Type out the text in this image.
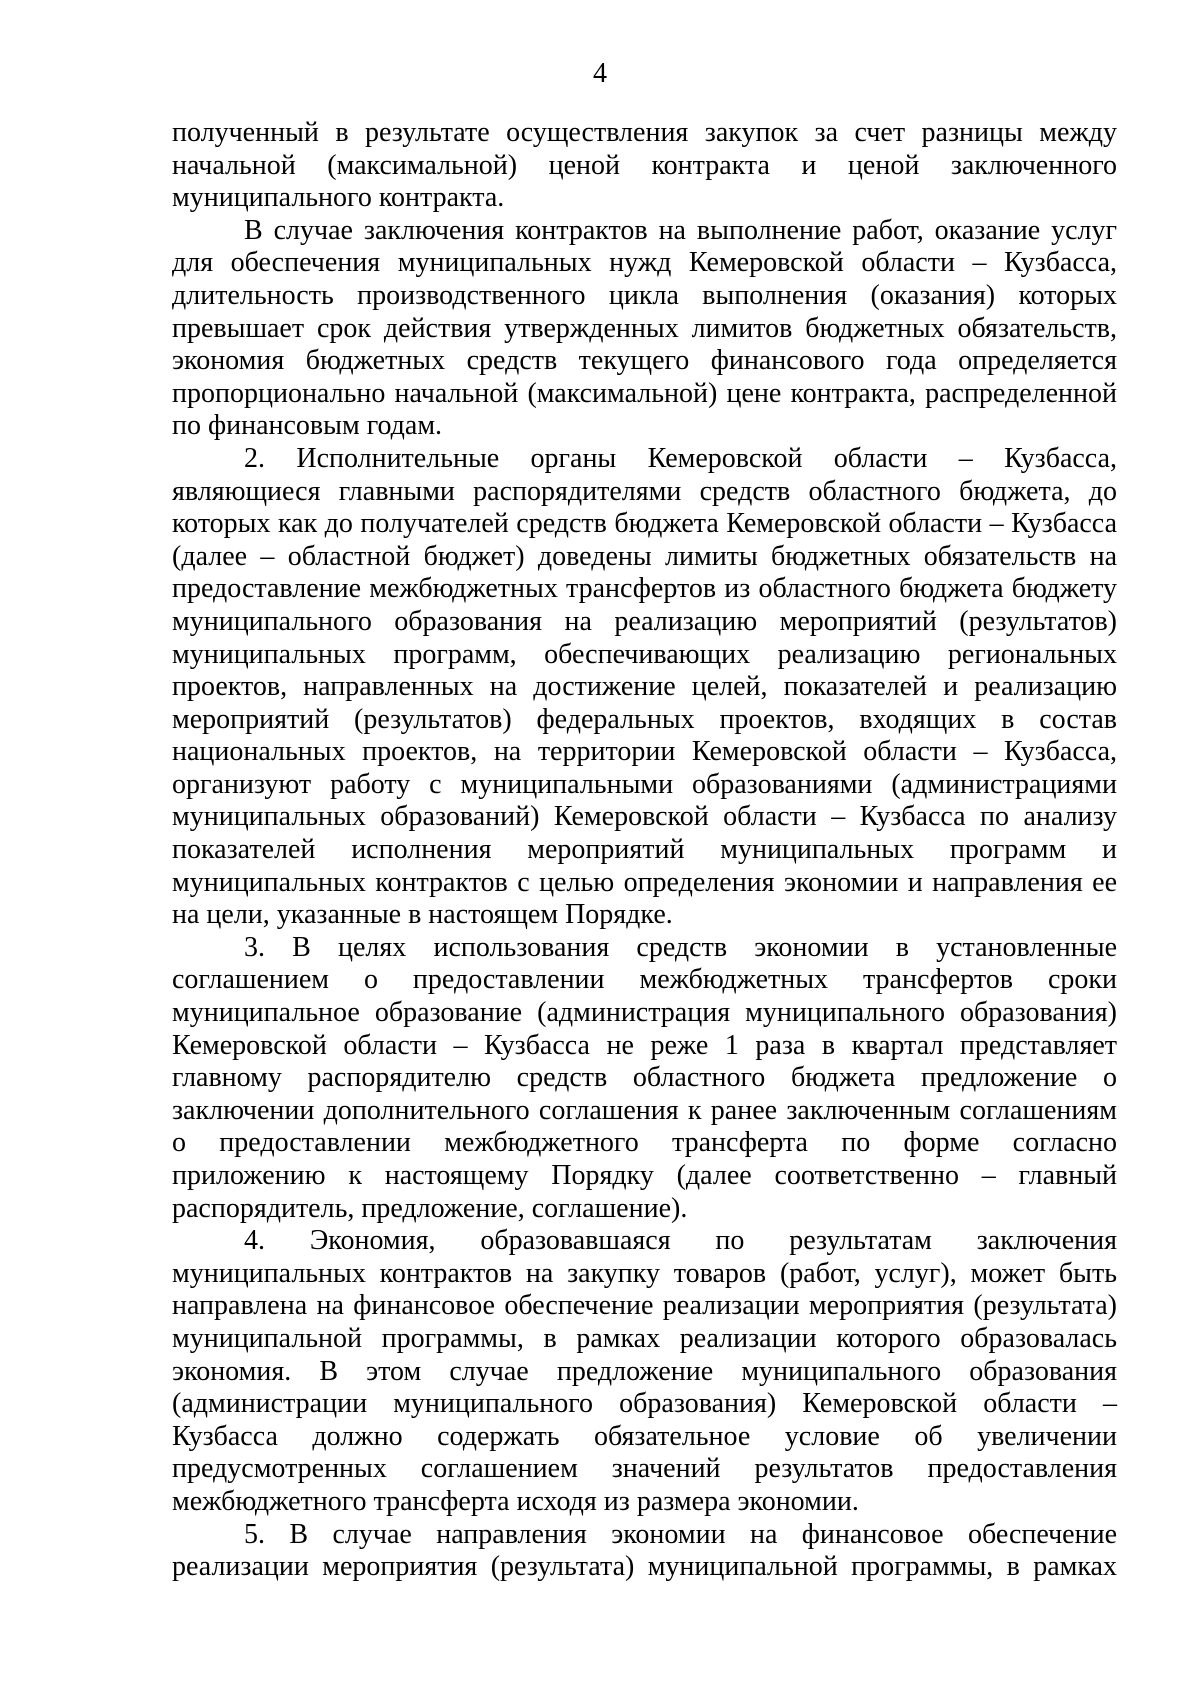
4

полученный в результате осуществления закупок за счет разницы между начальной (максимальной) ценой контракта и ценой заключенного муниципального контракта.

В случае заключения контрактов на выполнение работ, оказание услуг для обеспечения муниципальных нужд Кемеровской области – Кузбасса, длительность производственного цикла выполнения (оказания) которых превышает срок действия утвержденных лимитов бюджетных обязательств, экономия бюджетных средств текущего финансового года определяется пропорционально начальной (максимальной) цене контракта, распределенной по финансовым годам.

2. Исполнительные органы Кемеровской области – Кузбасса, являющиеся главными распорядителями средств областного бюджета, до которых как до получателей средств бюджета Кемеровской области – Кузбасса (далее – областной бюджет) доведены лимиты бюджетных обязательств на предоставление межбюджетных трансфертов из областного бюджета бюджету муниципального образования на реализацию мероприятий (результатов) муниципальных программ, обеспечивающих реализацию региональных проектов, направленных на достижение целей, показателей и реализацию мероприятий (результатов) федеральных проектов, входящих в состав национальных проектов, на территории Кемеровской области – Кузбасса, организуют работу с муниципальными образованиями (администрациями муниципальных образований) Кемеровской области – Кузбасса по анализу показателей исполнения мероприятий муниципальных программ и муниципальных контрактов с целью определения экономии и направления ее на цели, указанные в настоящем Порядке.

3. В целях использования средств экономии в установленные соглашением о предоставлении межбюджетных трансфертов сроки муниципальное образование (администрация муниципального образования) Кемеровской области – Кузбасса не реже 1 раза в квартал представляет главному распорядителю средств областного бюджета предложение о заключении дополнительного соглашения к ранее заключенным соглашениям о предоставлении межбюджетного трансферта по форме согласно приложению к настоящему Порядку (далее соответственно – главный распорядитель, предложение, соглашение).

4. Экономия, образовавшаяся по результатам заключения муниципальных контрактов на закупку товаров (работ, услуг), может быть направлена на финансовое обеспечение реализации мероприятия (результата) муниципальной программы, в рамках реализации которого образовалась экономия. В этом случае предложение муниципального образования (администрации муниципального образования) Кемеровской области – Кузбасса должно содержать обязательное условие об увеличении предусмотренных соглашением значений результатов предоставления межбюджетного трансферта исходя из размера экономии.

5. В случае направления экономии на финансовое обеспечение реализации мероприятия (результата) муниципальной программы, в рамках
